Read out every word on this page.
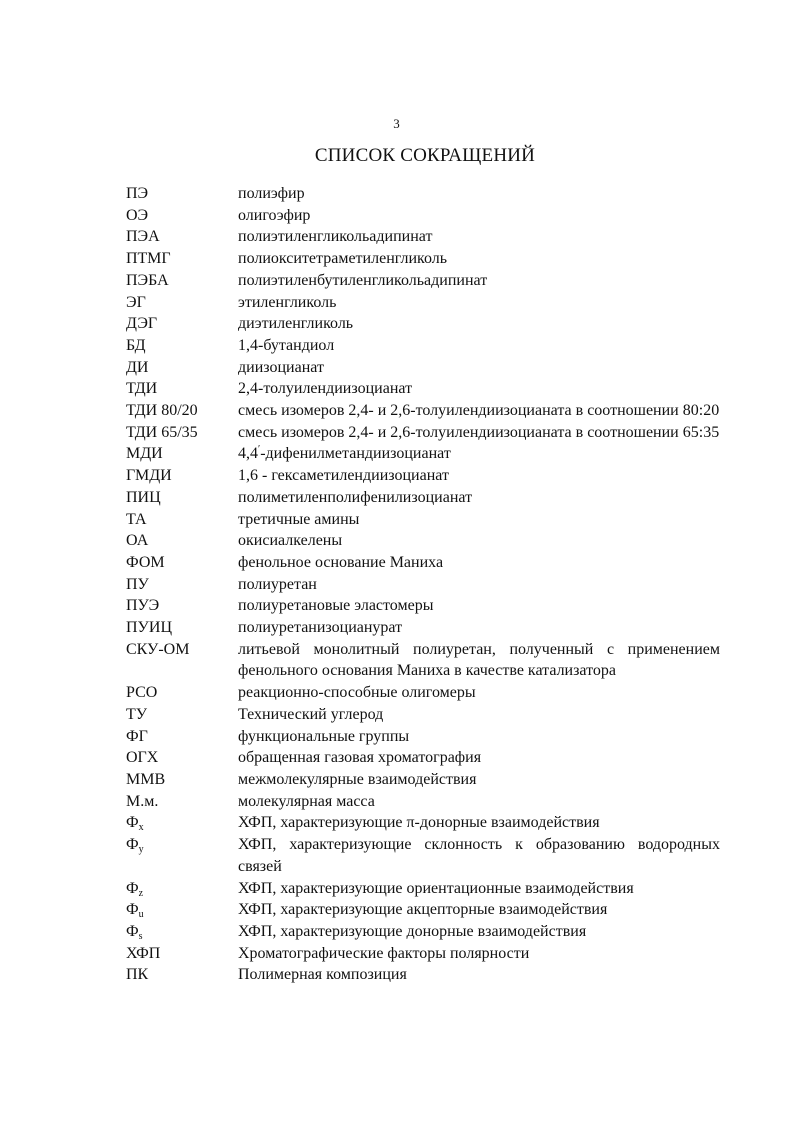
3
СПИСОК СОКРАЩЕНИЙ
ПЭ	полиэфир
ОЭ	олигоэфир
ПЭА	полиэтиленгликольадипинат
ПТМГ	полиокситетраметиленгликоль
ПЭБА	полиэтиленбутиленгликольадипинат
ЭГ	этиленгликоль
ДЭГ	диэтиленгликоль
БД	1,4-бутандиол
ДИ	диизоцианат
ТДИ	2,4-толуилендиизоцианат
ТДИ 80/20	смесь изомеров 2,4- и 2,6-толуилендиизоцианата в соотношении 80:20
ТДИ 65/35	смесь изомеров 2,4- и 2,6-толуилендиизоцианата в соотношении 65:35
МДИ	$4,4^ʹ$-дифенилметандиизоцианат
ГМДИ	1,6 - гексаметилендиизоцианат
ПИЦ	полиметиленполифенилизоцианат
ТА	третичные амины
ОА	окисиалкелены
ФОМ	фенольное основание Маниха
ПУ	полиуретан
ПУЭ	полиуретановые эластомеры
ПУИЦ	полиуретанизоцианурат
СКУ-ОМ	литьевой монолитный полиуретан, полученный с применением фенольного основания Маниха в качестве катализатора
РСО	реакционно-способные олигомеры
ТУ	Технический углерод
ФГ	функциональные группы
ОГХ	обращенная газовая хроматография
ММВ	межмолекулярные взаимодействия
М.м.	молекулярная масса
$Ф_x$	ХФП, характеризующие π-донорные взаимодействия
$Ф_y$	ХФП, характеризующие склонность к образованию водородных связей
$Ф_z$	ХФП, характеризующие ориентационные взаимодействия
$Ф_u$	ХФП, характеризующие акцепторные взаимодействия
$Ф_s$	ХФП, характеризующие донорные взаимодействия
ХФП	Хроматографические факторы полярности
ПК	Полимерная композиция
